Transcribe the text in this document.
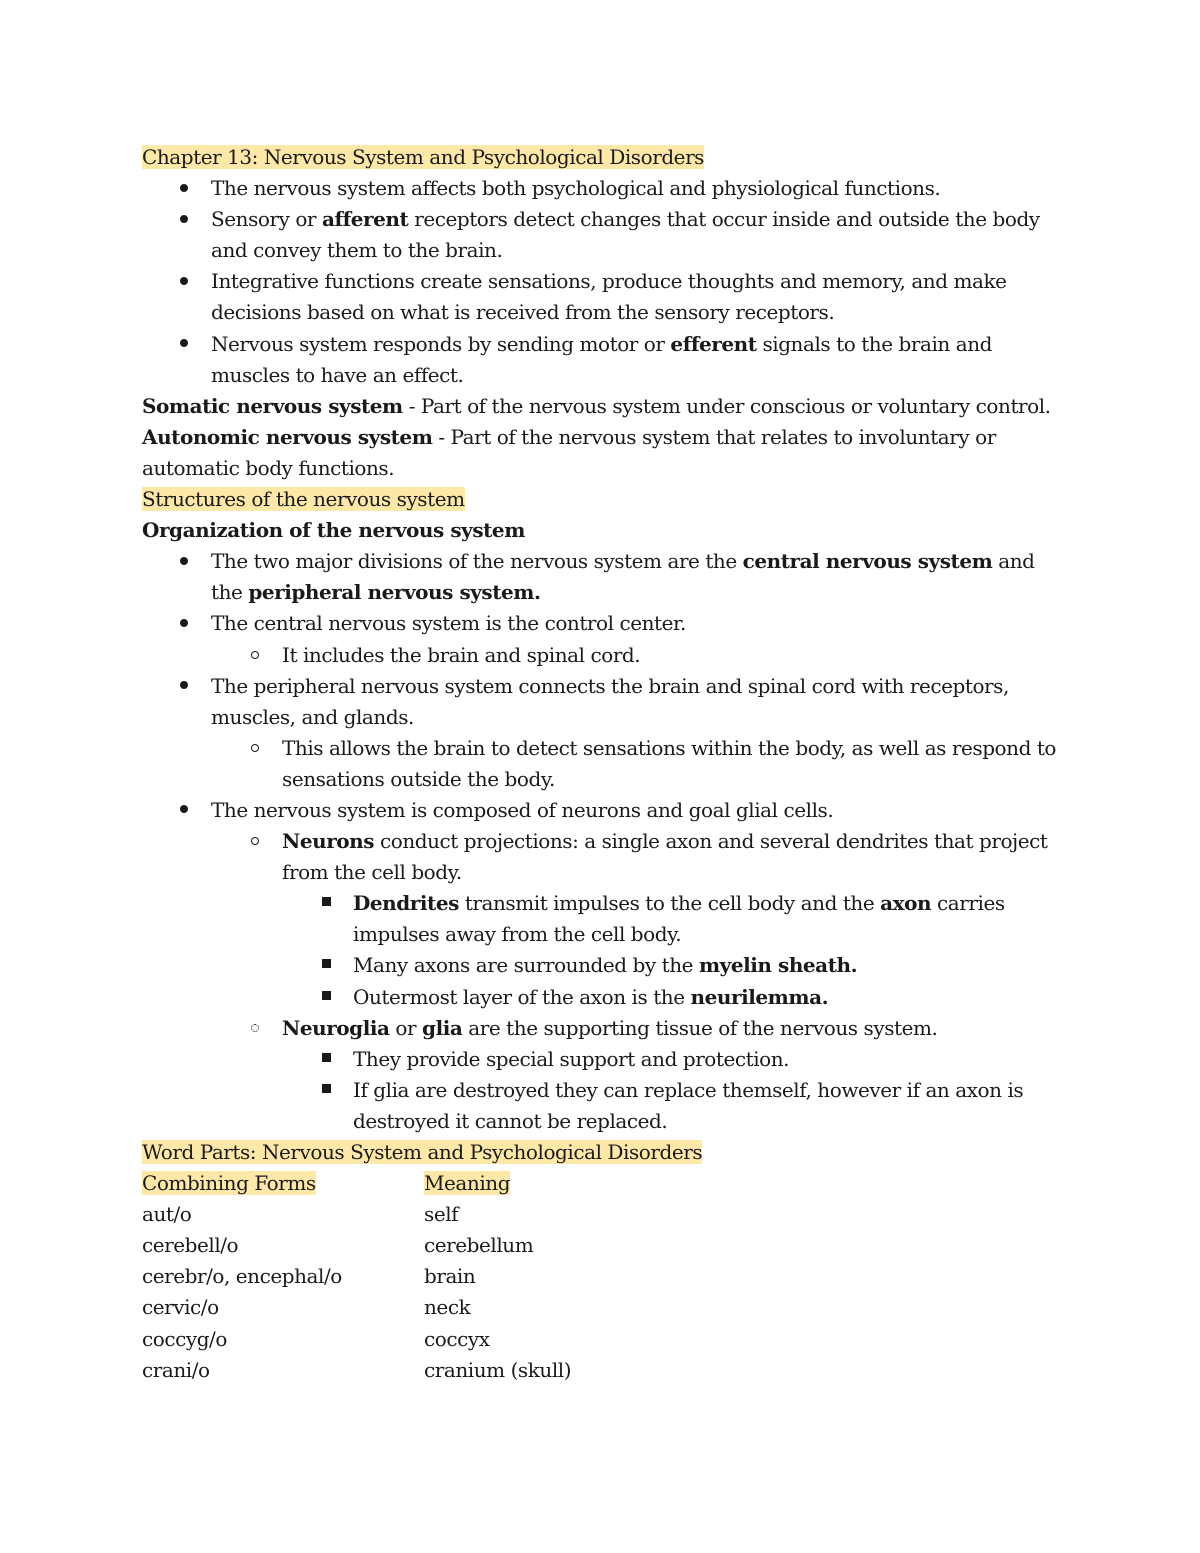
Chapter 13: Nervous System and Psychological Disorders

The nervous system affects both psychological and physiological functions.
Sensory or afferent receptors detect changes that occur inside and outside the body and convey them to the brain.
Integrative functions create sensations, produce thoughts and memory, and make decisions based on what is received from the sensory receptors.
Nervous system responds by sending motor or efferent signals to the brain and muscles to have an effect.

Somatic nervous system - Part of the nervous system under conscious or voluntary control.

Autonomic nervous system - Part of the nervous system that relates to involuntary or automatic body functions.

Structures of the nervous system

Organization of the nervous system

The two major divisions of the nervous system are the central nervous system and the peripheral nervous system.
The central nervous system is the control center.
It includes the brain and spinal cord.
The peripheral nervous system connects the brain and spinal cord with receptors, muscles, and glands.
This allows the brain to detect sensations within the body, as well as respond to sensations outside the body.
The nervous system is composed of neurons and goal glial cells.
Neurons conduct projections: a single axon and several dendrites that project from the cell body.
Dendrites transmit impulses to the cell body and the axon carries impulses away from the cell body.
Many axons are surrounded by the myelin sheath.
Outermost layer of the axon is the neurilemma.
Neuroglia or glia are the supporting tissue of the nervous system.
They provide special support and protection.
If glia are destroyed they can replace themself, however if an axon is destroyed it cannot be replaced.

Word Parts: Nervous System and Psychological Disorders

Combining Forms	Meaning
aut/o	self
cerebell/o	cerebellum
cerebr/o, encephal/o	brain
cervic/o	neck
coccyg/o	coccyx
crani/o	cranium (skull)
